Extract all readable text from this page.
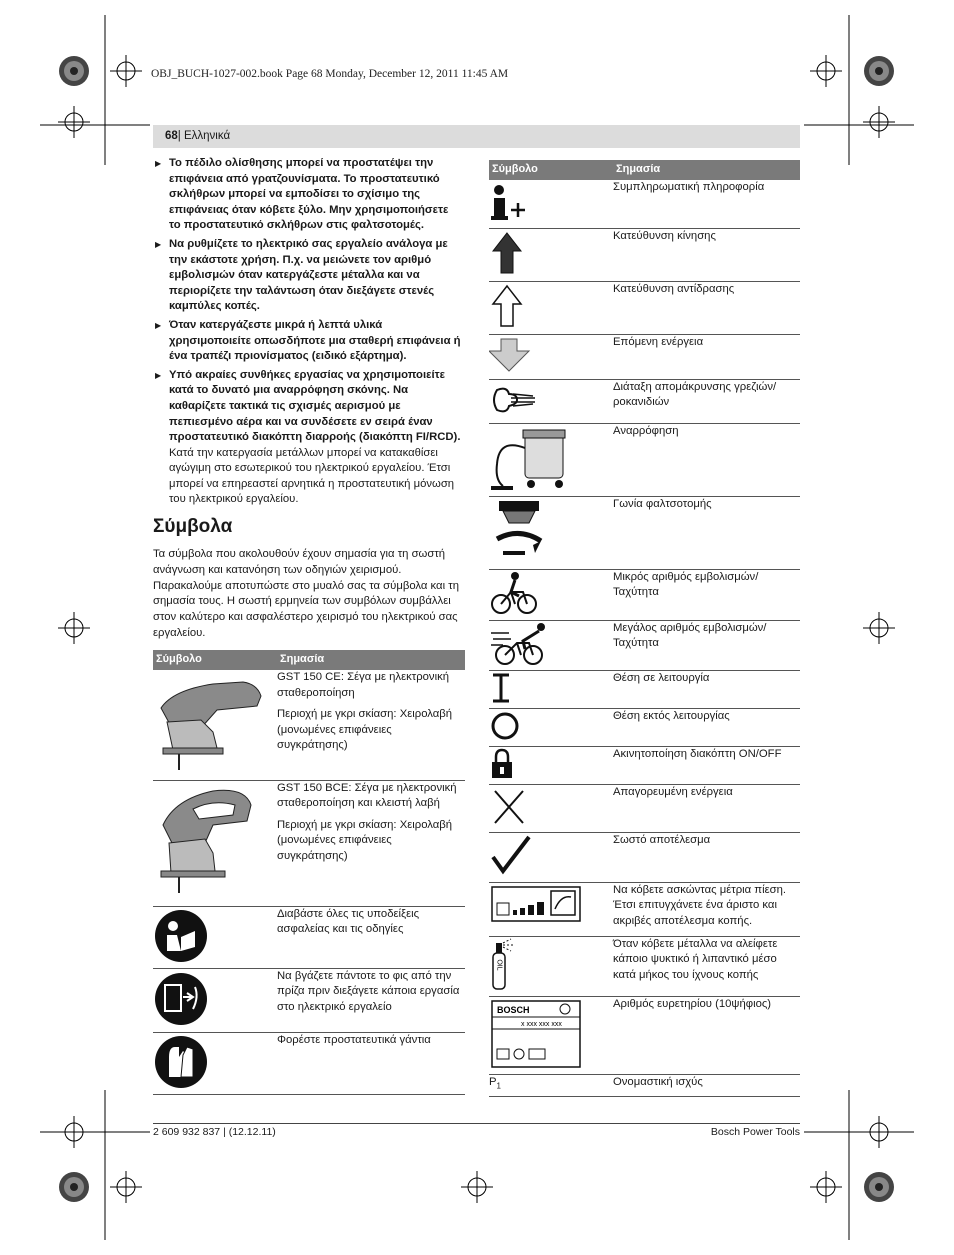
OBJ_BUCH-1027-002.book Page 68 Monday, December 12, 2011 11:45 AM
68| Ελληνικά
▶ Το πέδιλο ολίσθησης μπορεί να προστατέψει την επιφάνεια από γρατζουνίσματα. Το προστατευτικό σκλήθρων μπορεί να εμποδίσει το σχίσιμο της επιφάνειας όταν κόβετε ξύλο. Μην χρησιμοποιήσετε το προστατευτικό σκλήθρων στις φαλτσοτομές.
▶ Να ρυθμίζετε το ηλεκτρικό σας εργαλείο ανάλογα με την εκάστοτε χρήση. Π.χ. να μειώνετε τον αριθμό εμβολισμών όταν κατεργάζεστε μέταλλα και να περιορίζετε την ταλάντωση όταν διεξάγετε στενές καμπύλες κοπές.
▶ Όταν κατεργάζεστε μικρά ή λεπτά υλικά χρησιμοποιείτε οπωσδήποτε μια σταθερή επιφάνεια ή ένα τραπέζι πριονίσματος (ειδικό εξάρτημα).
▶ Υπό ακραίες συνθήκες εργασίας να χρησιμοποιείτε κατά το δυνατό μια αναρρόφηση σκόνης. Να καθαρίζετε τακτικά τις σχισμές αερισμού με πεπιεσμένο αέρα και να συνδέσετε εν σειρά έναν προστατευτικό διακόπτη διαρροής (διακόπτη FI/RCD). Κατά την κατεργασία μετάλλων μπορεί να κατακαθίσει αγώγιμη στο εσωτερικού του ηλεκτρικού εργαλείου. Έτσι μπορεί να επηρεαστεί αρνητικά η προστατευτική μόνωση του ηλεκτρικού εργαλείου.
Σύμβολα
Τα σύμβολα που ακολουθούν έχουν σημασία για τη σωστή ανάγνωση και κατανόηση των οδηγιών χειρισμού. Παρακαλούμε αποτυπώστε στο μυαλό σας τα σύμβολα και τη σημασία τους. Η σωστή ερμηνεία των συμβόλων συμβάλλει στον καλύτερο και ασφαλέστερο χειρισμό του ηλεκτρικού σας εργαλείου.
Σύμβολο	Σημασία

GST 150 CE: Σέγα με ηλεκτρονική σταθεροποίηση

Περιοχή με γκρι σκίαση: Χειρολαβή (μονωμένες επιφάνειες συγκράτησης)

GST 150 BCE: Σέγα με ηλεκτρονική σταθεροποίηση και κλειστή λαβή

Περιοχή με γκρι σκίαση: Χειρολαβή (μονωμένες επιφάνειες συγκράτησης)

Διαβάστε όλες τις υποδείξεις ασφαλείας και τις οδηγίες

Να βγάζετε πάντοτε το φις από την πρίζα πριν διεξάγετε κάποια εργασία στο ηλεκτρικό εργαλείο

Φορέστε προστατευτικά γάντια

Σύμβολο	Σημασία

	Συμπληρωματική πληροφορία

	Κατεύθυνση κίνησης

	Κατεύθυνση αντίδρασης

	Επόμενη ενέργεια

	Διάταξη απομάκρυνσης γρεζιών/ροκανιδιών

	Αναρρόφηση

	Γωνία φαλτσοτομής

	Μικρός αριθμός εμβολισμών/ Ταχύτητα

	Μεγάλος αριθμός εμβολισμών/ Ταχύτητα

	Θέση σε λειτουργία

	Θέση εκτός λειτουργίας

	Ακινητοποίηση διακόπτη ON/OFF

	Απαγορευμένη ενέργεια

	Σωστό αποτέλεσμα

	Να κόβετε ασκώντας μέτρια πίεση. Έτσι επιτυγχάνετε ένα άριστο και ακριβές αποτέλεσμα κοπής.

OIL	Όταν κόβετε μέταλλα να αλείφετε κάποιο ψυκτικό ή λιπαντικό μέσο κατά μήκος του ίχνους κοπής

BOSCH
x xxx xxx xxx	Αριθμός ευρετηρίου (10ψήφιος)
$P_1$	Ονομαστική ισχύς
2 609 932 837 | (12.12.11)	Bosch Power Tools
